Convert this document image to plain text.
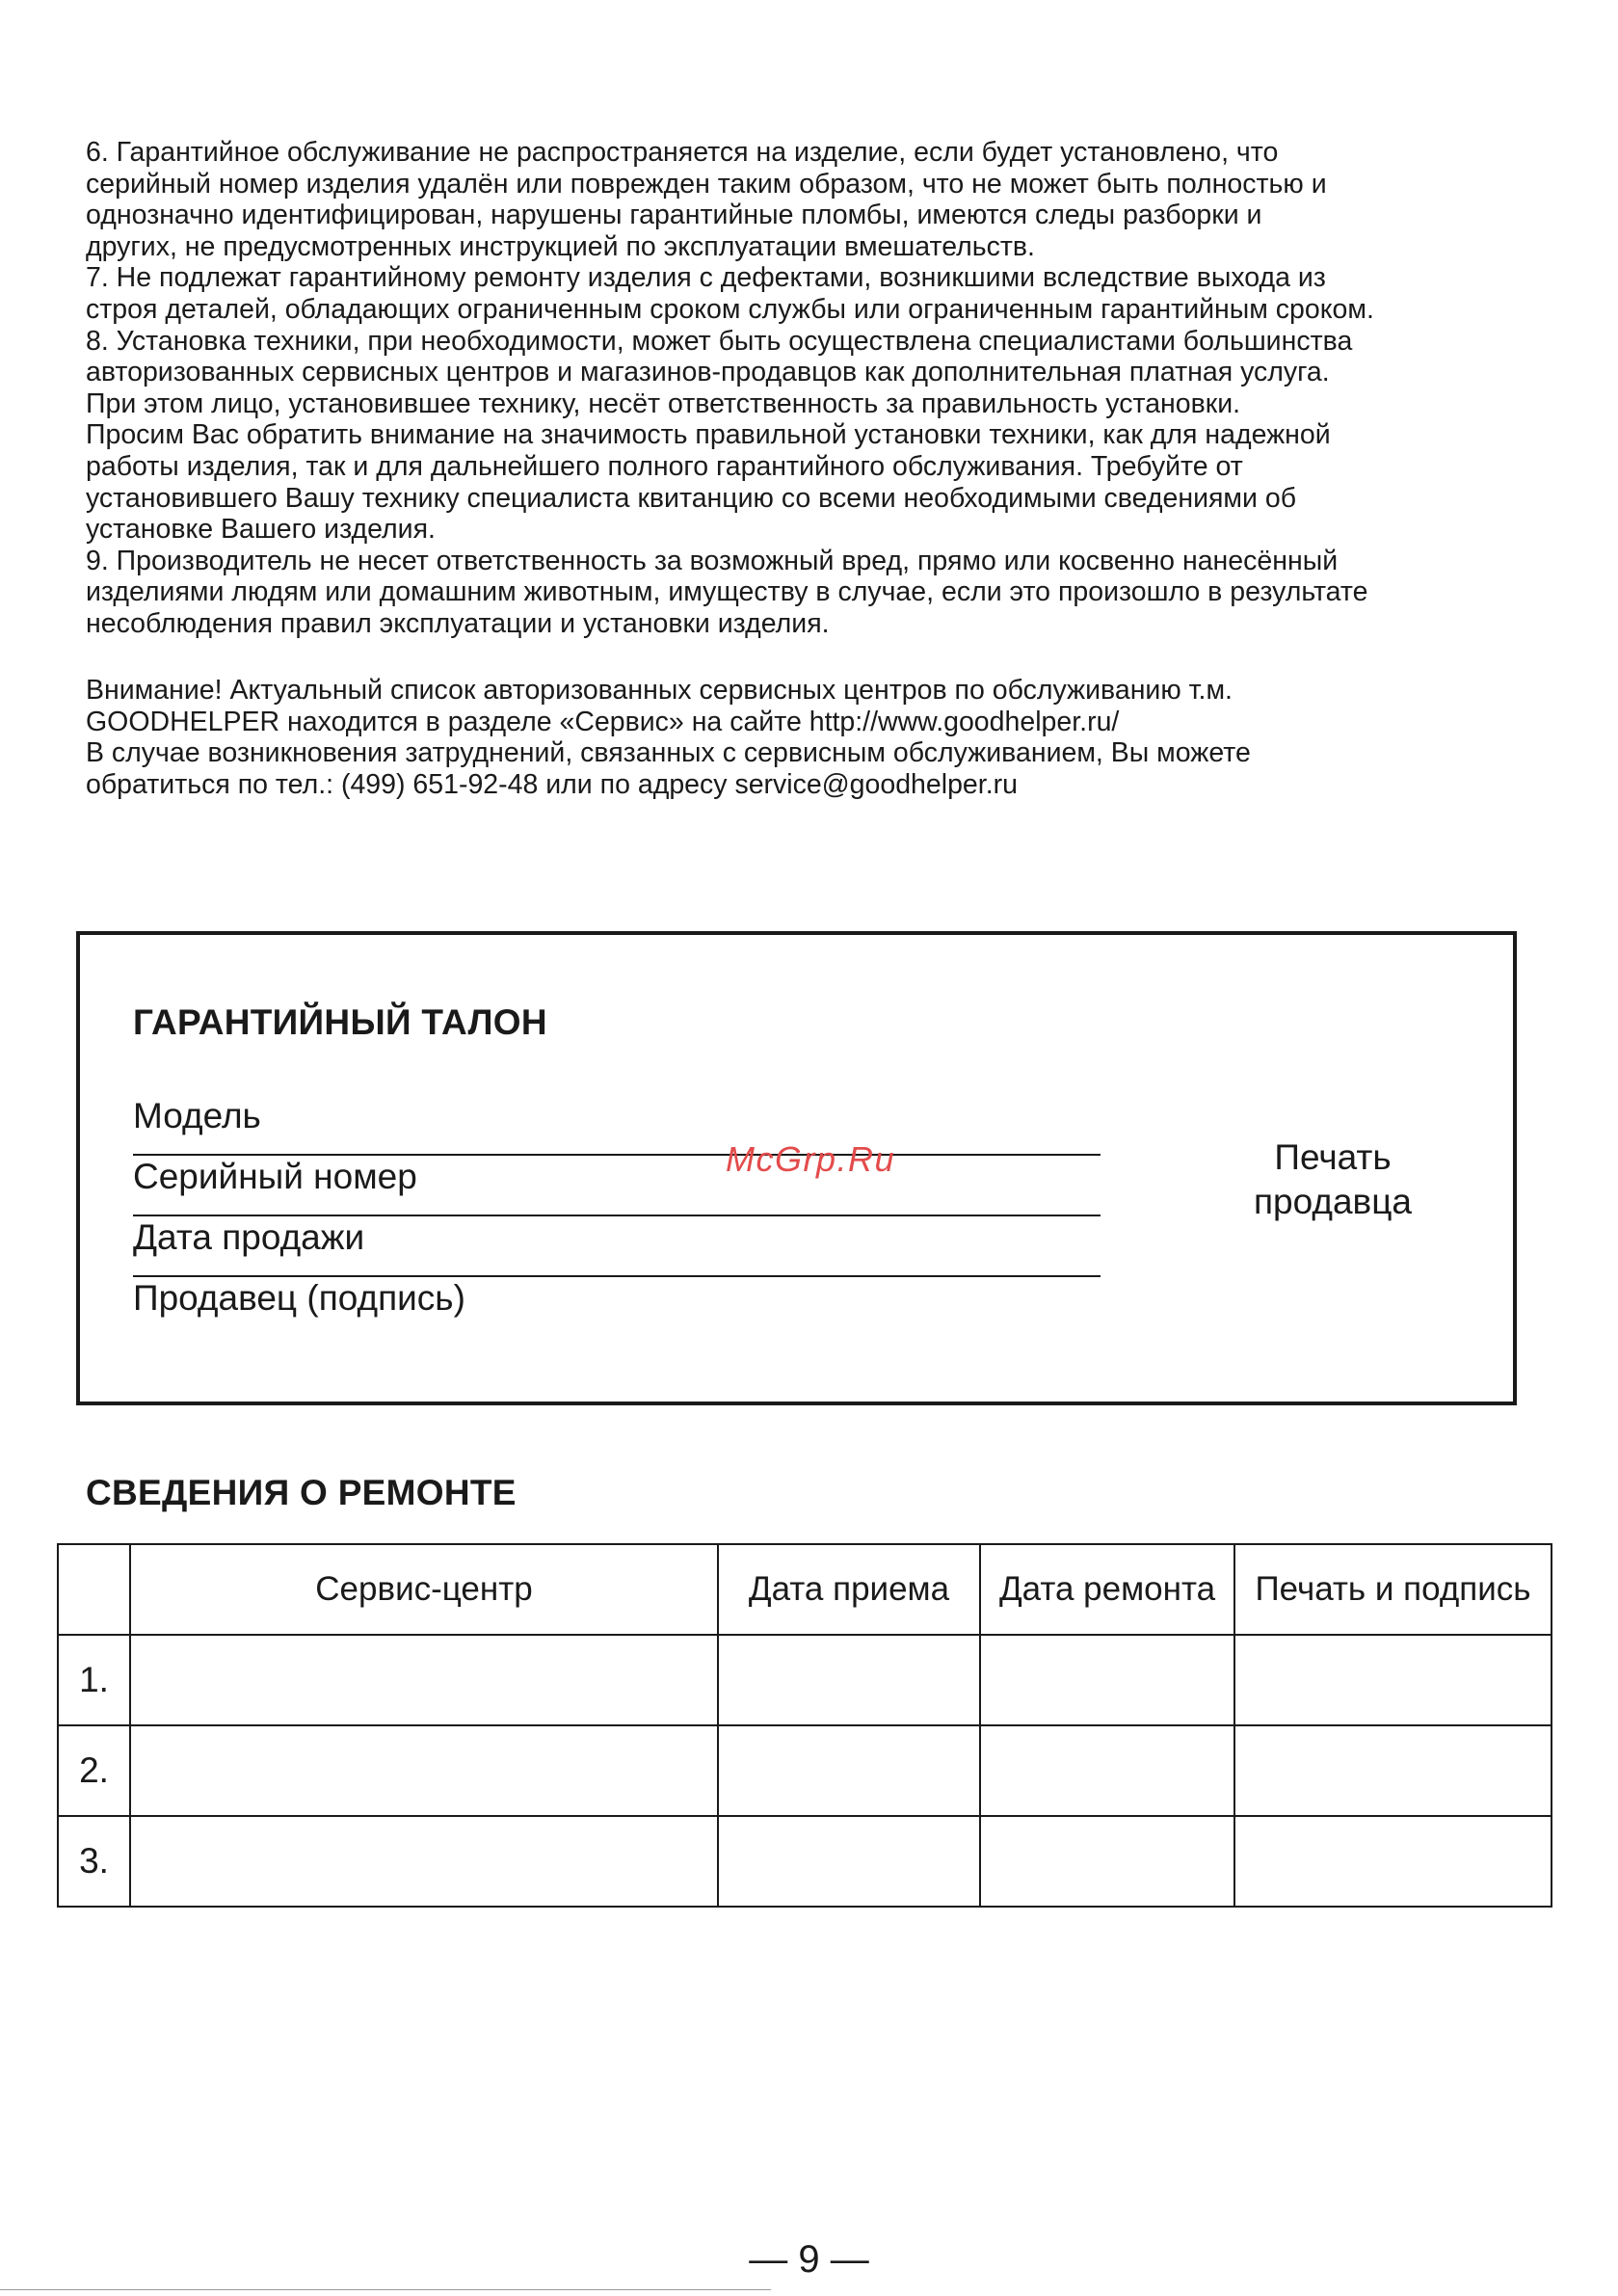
6. Гарантийное обслуживание не распространяется на изделие, если будет установлено, что

серийный номер изделия удалён или поврежден таким образом, что не может быть полностью и

однозначно идентифицирован, нарушены гарантийные пломбы, имеются следы разборки и

других, не предусмотренных инструкцией по эксплуатации вмешательств.

7. Не подлежат гарантийному ремонту изделия с дефектами, возникшими вследствие выхода из

строя деталей, обладающих ограниченным сроком службы или ограниченным гарантийным сроком.

8. Установка техники, при необходимости, может быть осуществлена специалистами большинства

авторизованных сервисных центров и магазинов-продавцов как дополнительная платная услуга.

При этом лицо, установившее технику, несёт ответственность за правильность установки.

Просим Вас обратить внимание на значимость правильной установки техники, как для надежной

работы изделия, так и для дальнейшего полного гарантийного обслуживания. Требуйте от

установившего Вашу технику специалиста квитанцию со всеми необходимыми сведениями об

установке Вашего изделия.

9. Производитель не несет ответственность за возможный вред, прямо или косвенно нанесённый

изделиями людям или домашним животным, имуществу в случае, если это произошло в результате

несоблюдения правил эксплуатации и установки изделия.

Внимание! Актуальный список авторизованных сервисных центров по обслуживанию т.м.

GOODHELPER находится в разделе «Сервис» на сайте http://www.goodhelper.ru/

В случае возникновения затруднений, связанных с сервисным обслуживанием, Вы можете

обратиться по тел.: (499) 651-92-48 или по адресу service@goodhelper.ru

ГАРАНТИЙНЫЙ ТАЛОН
Модель
Серийный номер
Дата продажи
Продавец (подпись)
McGrp.Ru	Печать
продавца
СВЕДЕНИЯ О РЕМОНТЕ
	Сервис-центр	Дата приема	Дата ремонта	Печать и подпись
1.				
2.				
3.				
— 9 —
